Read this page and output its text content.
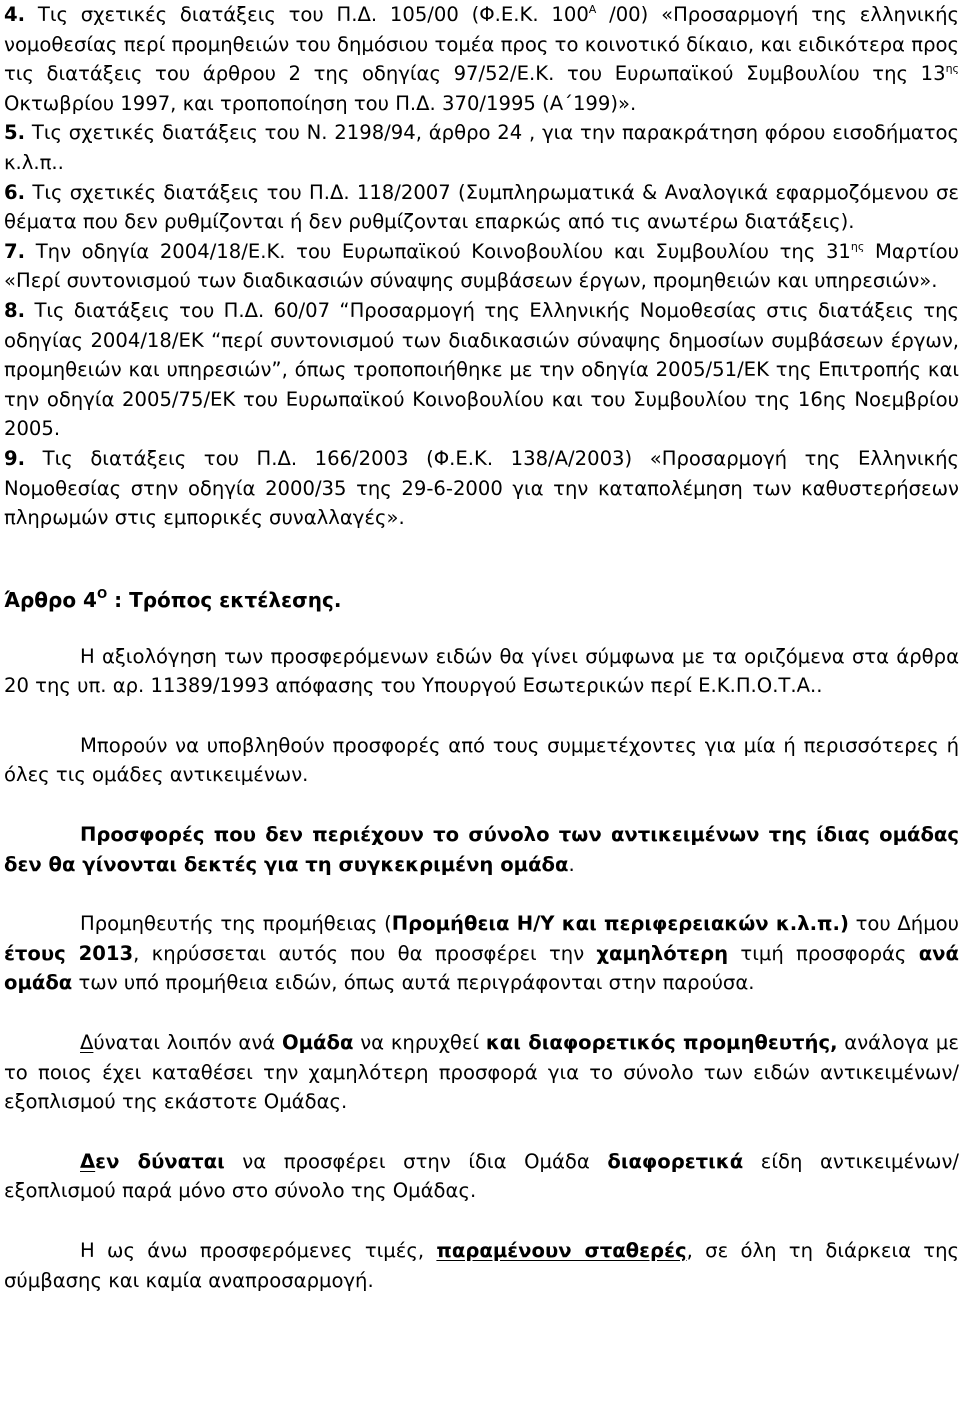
4. Τις σχετικές διατάξεις του Π.Δ. 105/00 (Φ.Ε.Κ. $100^A$ /00) «Προσαρμογή της ελληνικής νομοθεσίας περί προμηθειών του δημόσιου τομέα προς το κοινοτικό δίκαιο, και ειδικότερα προς τις διατάξεις του άρθρου 2 της οδηγίας 97/52/Ε.Κ. του Ευρωπαϊκού Συμβουλίου της $13^{\eta\varsigma}$ Οκτωβρίου 1997, και τροποποίηση του Π.Δ. 370/1995 (Α΄199)».

5. Τις σχετικές διατάξεις του Ν. 2198/94, άρθρο 24 , για την παρακράτηση φόρου εισοδήματος κ.λ.π..

6. Τις σχετικές διατάξεις του Π.Δ. 118/2007 (Συμπληρωματικά & Αναλογικά εφαρμοζόμενου σε θέματα που δεν ρυθμίζονται ή δεν ρυθμίζονται επαρκώς από τις ανωτέρω διατάξεις).

7. Την οδηγία 2004/18/Ε.Κ. του Ευρωπαϊκού Κοινοβουλίου και Συμβουλίου της $31^{\eta\varsigma}$ Μαρτίου «Περί συντονισμού των διαδικασιών σύναψης συμβάσεων έργων, προμηθειών και υπηρεσιών».

8. Τις διατάξεις του Π.Δ. 60/07 “Προσαρμογή της Ελληνικής Νομοθεσίας στις διατάξεις της οδηγίας 2004/18/ΕΚ “περί συντονισμού των διαδικασιών σύναψης δημοσίων συμβάσεων έργων, προμηθειών και υπηρεσιών”, όπως τροποποιήθηκε με την οδηγία 2005/51/ΕΚ της Επιτροπής και την οδηγία 2005/75/ΕΚ του Ευρωπαϊκού Κοινοβουλίου και του Συμβουλίου της 16ης Νοεμβρίου 2005.

9. Τις διατάξεις του Π.Δ. 166/2003 (Φ.Ε.Κ. 138/Α/2003) «Προσαρμογή της Ελληνικής Νομοθεσίας στην οδηγία 2000/35 της 29-6-2000 για την καταπολέμηση των καθυστερήσεων πληρωμών στις εμπορικές συναλλαγές».

Άρθρο $4^O$ : Τρόπος εκτέλεσης.

Η αξιολόγηση των προσφερόμενων ειδών θα γίνει σύμφωνα με τα οριζόμενα στα άρθρα 20 της υπ. αρ. 11389/1993 απόφασης του Υπουργού Εσωτερικών περί Ε.Κ.Π.Ο.Τ.Α..

Μπορούν να υποβληθούν προσφορές από τους συμμετέχοντες για μία ή περισσότερες ή όλες τις ομάδες αντικειμένων.

Προσφορές που δεν περιέχουν το σύνολο των αντικειμένων της ίδιας ομάδας δεν θα γίνονται δεκτές για τη συγκεκριμένη ομάδα.

Προμηθευτής της προμήθειας (Προμήθεια Η/Υ και περιφερειακών κ.λ.π.) του Δήμου έτους 2013, κηρύσσεται αυτός που θα προσφέρει την χαμηλότερη τιμή προσφοράς ανά ομάδα των υπό προμήθεια ειδών, όπως αυτά περιγράφονται στην παρούσα.

Δύναται λοιπόν ανά Ομάδα να κηρυχθεί και διαφορετικός προμηθευτής, ανάλογα με το ποιος έχει καταθέσει την χαμηλότερη προσφορά για το σύνολο των ειδών αντικειμένων/εξοπλισμού της εκάστοτε Ομάδας.

Δεν δύναται να προσφέρει στην ίδια Ομάδα διαφορετικά είδη αντικειμένων/εξοπλισμού παρά μόνο στο σύνολο της Ομάδας.

Η ως άνω προσφερόμενες τιμές, παραμένουν σταθερές, σε όλη τη διάρκεια της σύμβασης και καμία αναπροσαρμογή.
